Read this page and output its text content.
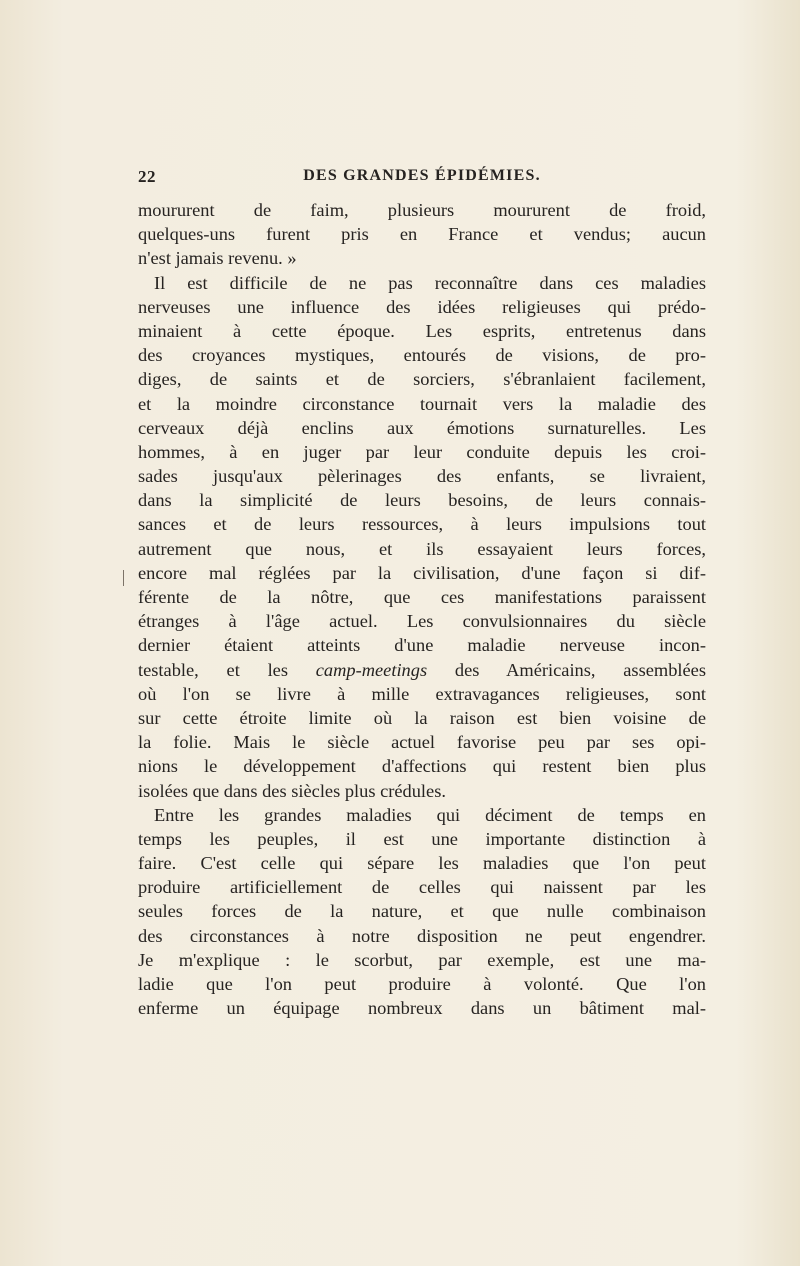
22	DES GRANDES ÉPIDÉMIES.
moururent de faim, plusieurs moururent de froid,
quelques-uns furent pris en France et vendus; aucun
n'est jamais revenu. »
Il est difficile de ne pas reconnaître dans ces maladies
nerveuses une influence des idées religieuses qui prédo-
minaient à cette époque. Les esprits, entretenus dans
des croyances mystiques, entourés de visions, de pro-
diges, de saints et de sorciers, s'ébranlaient facilement,
et la moindre circonstance tournait vers la maladie des
cerveaux déjà enclins aux émotions surnaturelles. Les
hommes, à en juger par leur conduite depuis les croi-
sades jusqu'aux pèlerinages des enfants, se livraient,
dans la simplicité de leurs besoins, de leurs connais-
sances et de leurs ressources, à leurs impulsions tout
autrement que nous, et ils essayaient leurs forces,
encore mal réglées par la civilisation, d'une façon si dif-
férente de la nôtre, que ces manifestations paraissent
étranges à l'âge actuel. Les convulsionnaires du siècle
dernier étaient atteints d'une maladie nerveuse incon-
testable, et les camp-meetings des Américains, assemblées
où l'on se livre à mille extravagances religieuses, sont
sur cette étroite limite où la raison est bien voisine de
la folie. Mais le siècle actuel favorise peu par ses opi-
nions le développement d'affections qui restent bien plus
isolées que dans des siècles plus crédules.
Entre les grandes maladies qui déciment de temps en
temps les peuples, il est une importante distinction à
faire. C'est celle qui sépare les maladies que l'on peut
produire artificiellement de celles qui naissent par les
seules forces de la nature, et que nulle combinaison
des circonstances à notre disposition ne peut engendrer.
Je m'explique : le scorbut, par exemple, est une ma-
ladie que l'on peut produire à volonté. Que l'on
enferme un équipage nombreux dans un bâtiment mal-
